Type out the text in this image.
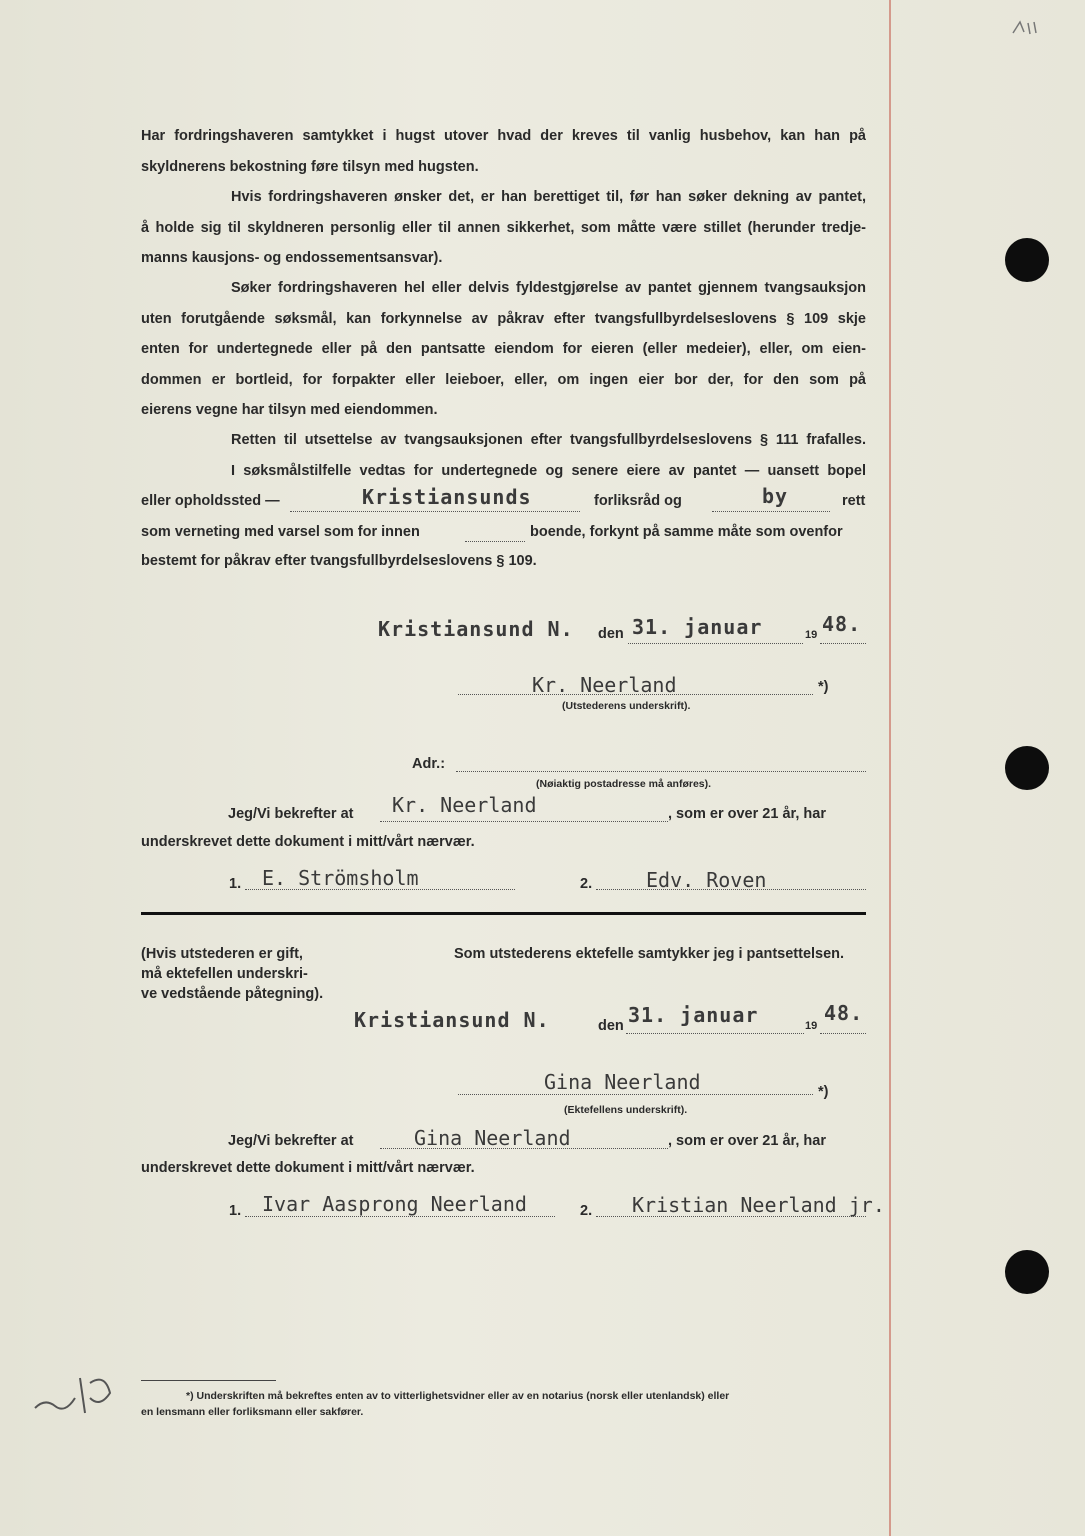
Har fordringshaveren samtykket i hugst utover hvad der kreves til vanlig husbehov, kan han på
skyldnerens bekostning føre tilsyn med hugsten.
Hvis fordringshaveren ønsker det, er han berettiget til, før han søker dekning av pantet,
å holde sig til skyldneren personlig eller til annen sikkerhet, som måtte være stillet (herunder tredje-
manns kausjons- og endossementsansvar).
Søker fordringshaveren hel eller delvis fyldestgjørelse av pantet gjennem tvangsauksjon
uten forutgående søksmål, kan forkynnelse av påkrav efter tvangsfullbyrdelseslovens § 109 skje
enten for undertegnede eller på den pantsatte eiendom for eieren (eller medeier), eller, om eien-
dommen er bortleid, for forpakter eller leieboer, eller, om ingen eier bor der, for den som på
eierens vegne har tilsyn med eiendommen.
Retten til utsettelse av tvangsauksjonen efter tvangsfullbyrdelseslovens § 111 frafalles.
I søksmålstilfelle vedtas for undertegnede og senere eiere av pantet — uansett bopel
eller opholdssted —	Kristiansunds	forliksråd og	by	rett
som verneting med varsel som for innen	boende, forkynt på samme måte som ovenfor
bestemt for påkrav efter tvangsfullbyrdelseslovens § 109.
Kristiansund N. den 31. januar	19 48.
Kr. Neerland	*)
(Utstederens underskrift).
Adr.:
(Nøiaktig postadresse må anføres).
Jeg/Vi bekrefter at Kr. Neerland	, som er over 21 år, har
underskrevet dette dokument i mitt/vårt nærvær.
1. E. Strömsholm	2.	Edv. Roven
(Hvis utstederen er gift,
må ektefellen underskri-
ve vedstående påtegning).
Som utstederens ektefelle samtykker jeg i pantsettelsen.
Kristiansund N.	den 31. januar	19
48.
Gina Neerland	*)
(Ektefellens underskrift).
Jeg/Vi bekrefter at	Gina Neerland	, som er over 21 år, har
underskrevet dette dokument i mitt/vårt nærvær.
1. Ivar Aasprong Neerland	2. Kristian Neerland jr.
*) Underskriften må bekreftes enten av to vitterlighetsvidner eller av en notarius (norsk eller utenlandsk) eller
en lensmann eller forliksmann eller sakfører.
